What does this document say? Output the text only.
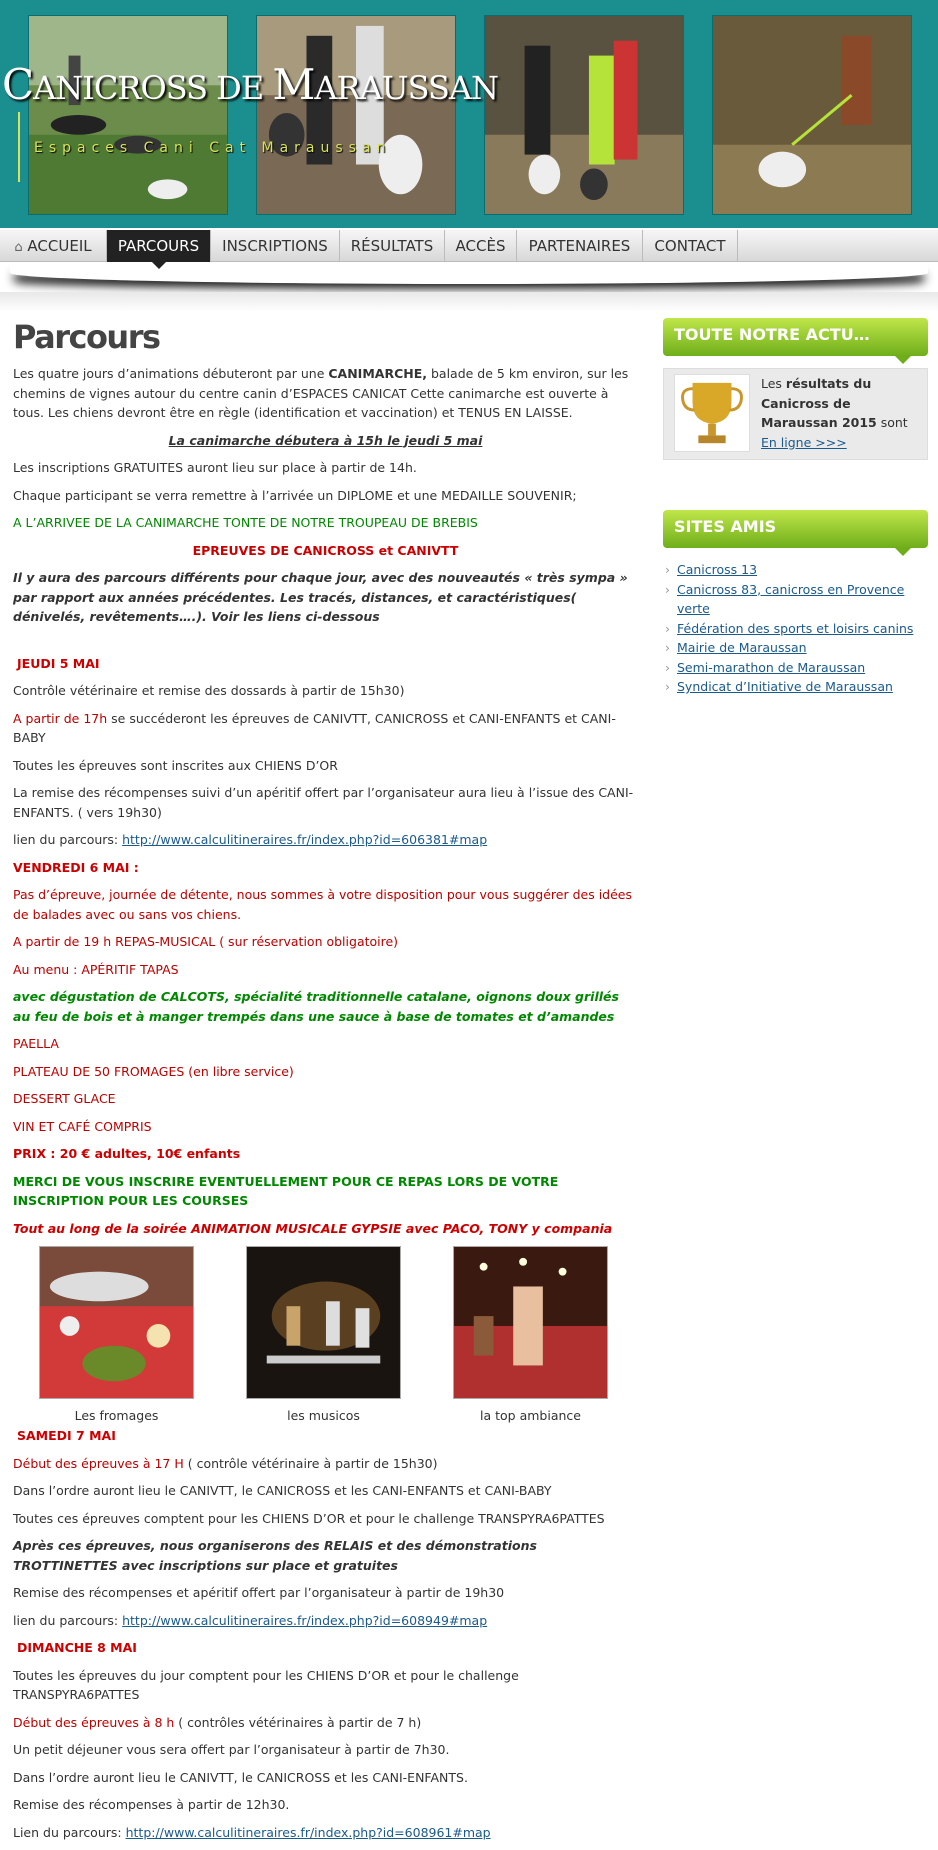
CANICROSS DE MARAUSSAN
Espaces Cani Cat Maraussan
⌂ ACCUEIL	PARCOURS	INSCRIPTIONS	RÉSULTATS	ACCÈS	PARTENAIRES	CONTACT
Parcours

Les quatre jours d’animations débuteront par une CANIMARCHE, balade de 5 km environ, sur les chemins de vignes autour du centre canin d’ESPACES CANICAT Cette canimarche est ouverte à tous. Les chiens devront être en règle (identification et vaccination) et TENUS EN LAISSE.

La canimarche débutera à 15h le jeudi 5 mai

Les inscriptions GRATUITES auront lieu sur place à partir de 14h.

Chaque participant se verra remettre à l’arrivée un DIPLOME et une MEDAILLE SOUVENIR;

A L’ARRIVEE DE LA CANIMARCHE TONTE DE NOTRE TROUPEAU DE BREBIS

EPREUVES DE CANICROSS et CANIVTT

Il y aura des parcours différents pour chaque jour, avec des nouveautés « très sympa » par rapport aux années précédentes. Les tracés, distances, et caractéristiques( dénivelés, revêtements….). Voir les liens ci-dessous

JEUDI 5 MAI

Contrôle vétérinaire et remise des dossards à partir de 15h30)

A partir de 17h se succéderont les épreuves de CANIVTT, CANICROSS et CANI-ENFANTS et CANI-BABY

Toutes les épreuves sont inscrites aux CHIENS D’OR

La remise des récompenses suivi d’un apéritif offert par l’organisateur aura lieu à l’issue des CANI-ENFANTS. ( vers 19h30)

lien du parcours: http://www.calculitineraires.fr/index.php?id=606381#map

VENDREDI 6 MAI :

Pas d’épreuve, journée de détente, nous sommes à votre disposition pour vous suggérer des idées de balades avec ou sans vos chiens.

A partir de 19 h REPAS-MUSICAL ( sur réservation obligatoire)

Au menu : APÉRITIF TAPAS

avec dégustation de CALCOTS, spécialité traditionnelle catalane, oignons doux grillés au feu de bois et à manger trempés dans une sauce à base de tomates et d’amandes

PAELLA

PLATEAU DE 50 FROMAGES (en libre service)

DESSERT GLACE

VIN ET CAFÉ COMPRIS

PRIX : 20 € adultes, 10€ enfants

MERCI DE VOUS INSCRIRE EVENTUELLEMENT POUR CE REPAS LORS DE VOTRE INSCRIPTION POUR LES COURSES

Tout au long de la soirée ANIMATION MUSICALE GYPSIE avec PACO, TONY y compania

Les fromages	les musicos	la top ambiance

SAMEDI 7 MAI

Début des épreuves à 17 H ( contrôle vétérinaire à partir de 15h30)

Dans l’ordre auront lieu le CANIVTT, le CANICROSS et les CANI-ENFANTS et CANI-BABY

Toutes ces épreuves comptent pour les CHIENS D’OR et pour le challenge TRANSPYRA6PATTES

Après ces épreuves, nous organiserons des RELAIS et des démonstrations TROTTINETTES avec inscriptions sur place et gratuites

Remise des récompenses et apéritif offert par l’organisateur à partir de 19h30

lien du parcours: http://www.calculitineraires.fr/index.php?id=608949#map

DIMANCHE 8 MAI

Toutes les épreuves du jour comptent pour les CHIENS D’OR et pour le challenge TRANSPYRA6PATTES

Début des épreuves à 8 h ( contrôles vétérinaires à partir de 7 h)

Un petit déjeuner vous sera offert par l’organisateur à partir de 7h30.

Dans l’ordre auront lieu le CANIVTT, le CANICROSS et les CANI-ENFANTS.

Remise des récompenses à partir de 12h30.

Lien du parcours: http://www.calculitineraires.fr/index.php?id=608961#map

TOUTE NOTRE ACTU…
Les résultats du Canicross de Maraussan 2015 sont En ligne >>>
SITES AMIS
› Canicross 13
› Canicross 83, canicross en Provence verte
› Fédération des sports et loisirs canins
› Mairie de Maraussan
› Semi-marathon de Maraussan
› Syndicat d’Initiative de Maraussan
